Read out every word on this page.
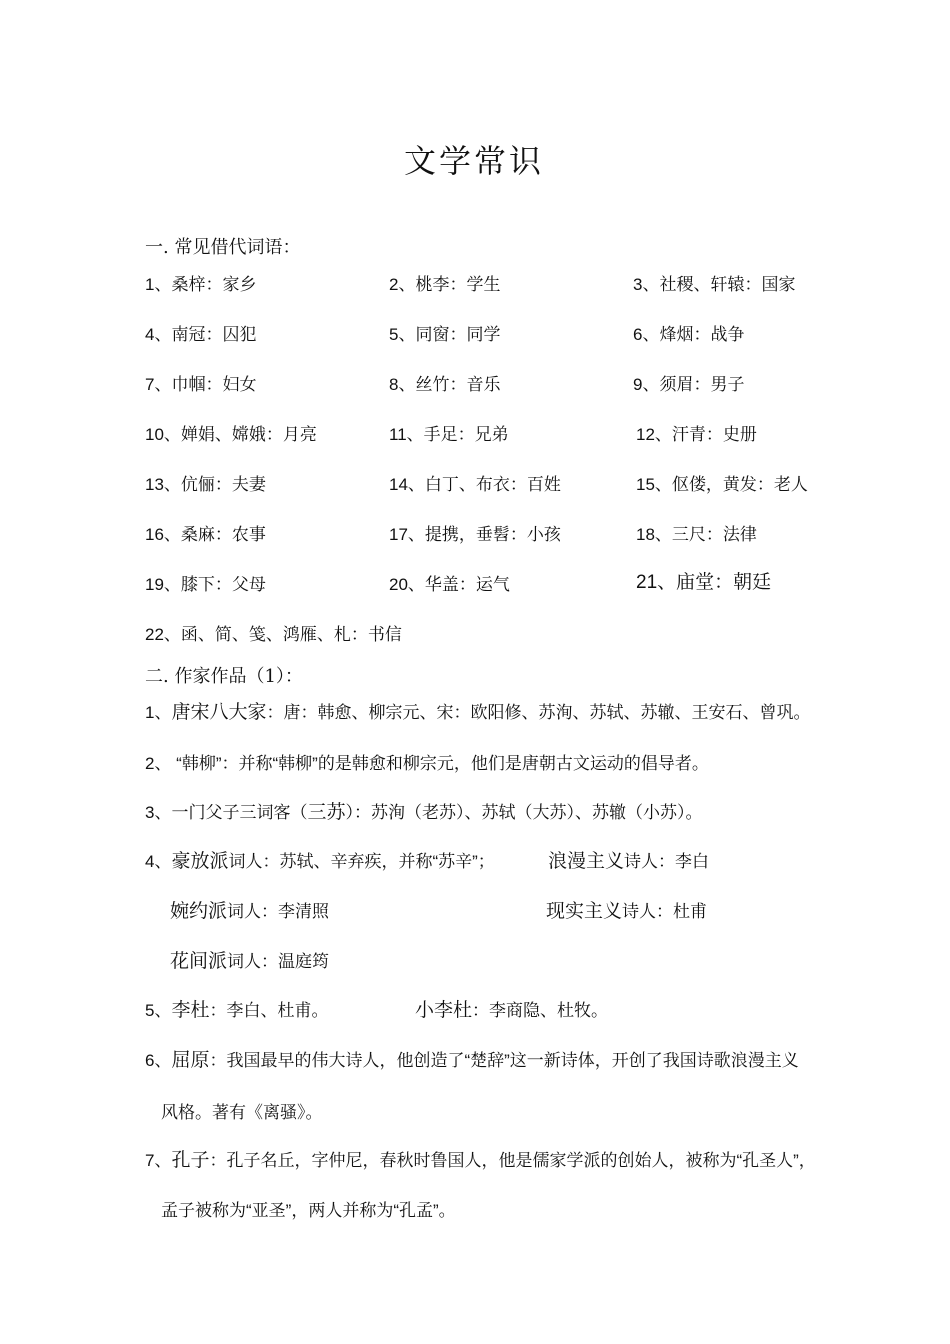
文学常识
一. 常见借代词语：
1、桑梓：家乡	2、桃李：学生	3、社稷、轩辕：国家
4、南冠：囚犯	5、同窗：同学	6、烽烟：战争
7、巾帼：妇女	8、丝竹：音乐	9、须眉：男子
10、婵娟、嫦娥：月亮	11、手足：兄弟	12、汗青：史册
13、伉俪：夫妻	14、白丁、布衣：百姓	15、伛偻，黄发：老人
16、桑麻：农事	17、提携，垂髫：小孩	18、三尺：法律
19、膝下：父母	20、华盖：运气	21、庙堂：朝廷
22、函、简、笺、鸿雁、札：书信
二. 作家作品（1）：
1、唐宋八大家：唐：韩愈、柳宗元、宋：欧阳修、苏洵、苏轼、苏辙、王安石、曾巩。
2、 “韩柳”：并称“韩柳”的是韩愈和柳宗元，他们是唐朝古文运动的倡导者。
3、一门父子三词客（三苏）：苏洵（老苏）、苏轼（大苏）、苏辙（小苏）。
4、豪放派词人：苏轼、辛弃疾，并称“苏辛”；	浪漫主义诗人：李白
婉约派词人：李清照	现实主义诗人：杜甫
花间派词人：温庭筠
5、李杜：李白、杜甫。	小李杜：李商隐、杜牧。
6、屈原：我国最早的伟大诗人，他创造了“楚辞”这一新诗体，开创了我国诗歌浪漫主义
风格。著有《离骚》。
7、孔子：孔子名丘，字仲尼，春秋时鲁国人，他是儒家学派的创始人，被称为“孔圣人”，
孟子被称为“亚圣”，两人并称为“孔孟”。
